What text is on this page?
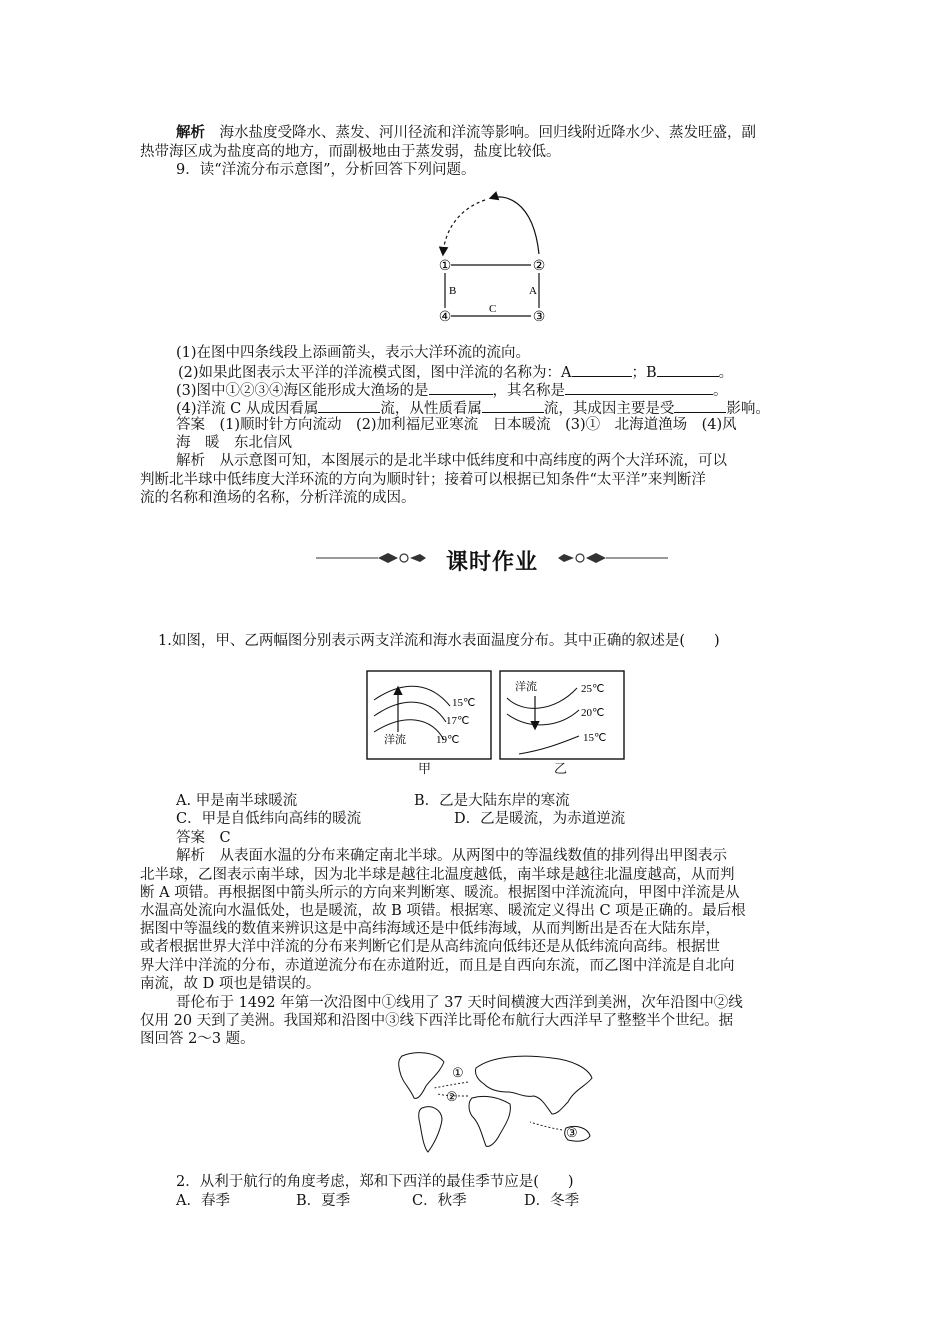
解析　 海水盐度受降水、蒸发、河川径流和洋流等影响。回归线附近降水少、蒸发旺盛，副
热带海区成为盐度高的地方，而副极地由于蒸发弱，盐度比较低。
9．读“洋流分布示意图”，分析回答下列问题。
①	②
③
④
B	A
C
(1)在图中四条线段上添画箭头，表示大洋环流的流向。
(2)如果此图表示太平洋的洋流模式图，图中洋流的名称为：A	；B	。
(3)图中①②③④海区能形成大渔场的是	，其名称是	。
(4)洋流 C 从成因看属	流，从性质看属	流，其成因主要是受	影响。
答案　(1)顺时针方向流动　(2)加利福尼亚寒流　日本暖流　(3)①　北海道渔场　(4)风
海　暖　东北信风
解析　从示意图可知，本图展示的是北半球中低纬度和中高纬度的两个大洋环流，可以
判断北半球中低纬度大洋环流的方向为顺时针；接着可以根据已知条件“太平洋”来判断洋
流的名称和渔场的名称，分析洋流的成因。
课时作业
1.如图，甲、乙两幅图分别表示两支洋流和海水表面温度分布。其中正确的叙述是(　　)
15℃
17℃
19℃
洋流
甲
25℃
20℃
15℃
洋流
乙
A. 甲是南半球暖流	B．乙是大陆东岸的寒流
C．甲是自低纬向高纬的暖流	D．乙是暖流，为赤道逆流
答案　C
解析　从表面水温的分布来确定南北半球。从两图中的等温线数值的排列得出甲图表示
北半球，乙图表示南半球，因为北半球是越往北温度越低，南半球是越往北温度越高，从而判
断 A 项错。再根据图中箭头所示的方向来判断寒、暖流。根据图中洋流流向，甲图中洋流是从
水温高处流向水温低处，也是暖流，故 B 项错。根据寒、暖流定义得出 C 项是正确的。最后根
据图中等温线的数值来辨识这是中高纬海域还是中低纬海域，从而判断出是否在大陆东岸，
或者根据世界大洋中洋流的分布来判断它们是从高纬流向低纬还是从低纬流向高纬。根据世
界大洋中洋流的分布，赤道逆流分布在赤道附近，而且是自西向东流，而乙图中洋流是自北向
南流，故 D 项也是错误的。
哥伦布于 1492 年第一次沿图中①线用了 37 天时间横渡大西洋到美洲，次年沿图中②线
仅用 20 天到了美洲。我国郑和沿图中③线下西洋比哥伦布航行大西洋早了整整半个世纪。据
图回答 2～3 题。
①
②
③
2．从利于航行的角度考虑，郑和下西洋的最佳季节应是(　　)
A．春季	B．夏季	C．秋季	D．冬季
